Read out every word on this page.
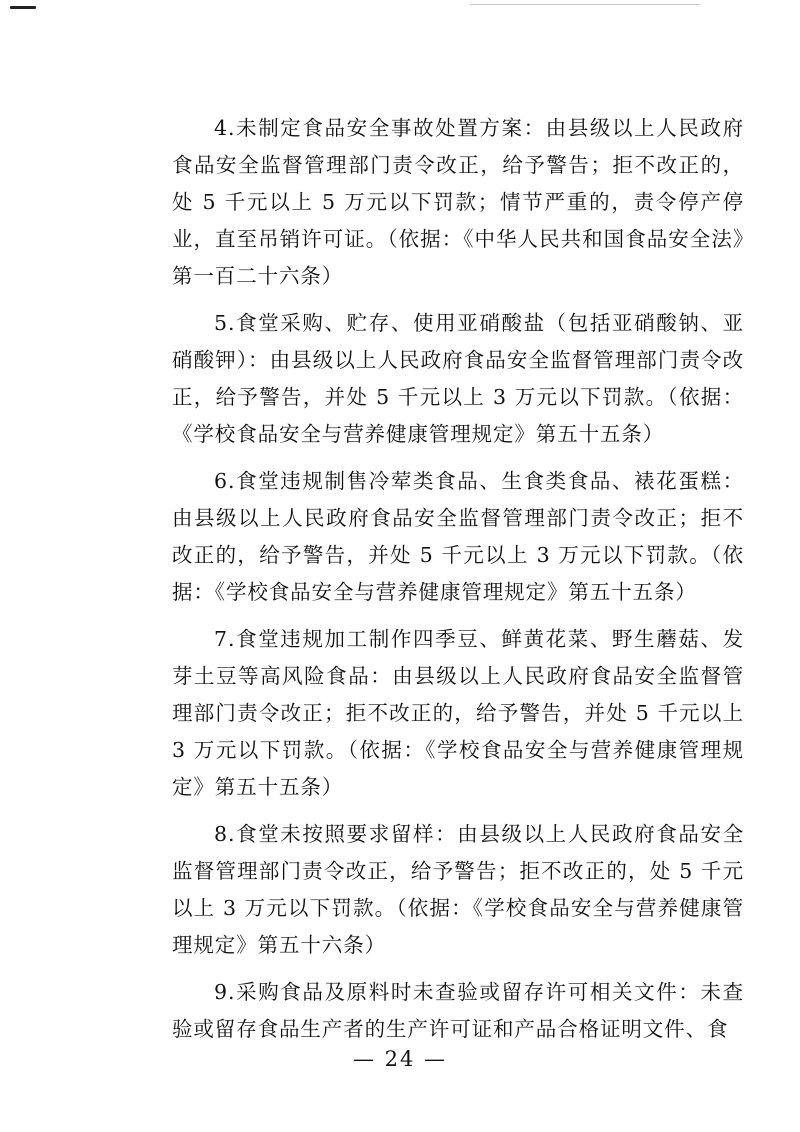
4.未制定食品安全事故处置方案：由县级以上人民政府食品安全监督管理部门责令改正，给予警告；拒不改正的，处 5 千元以上 5 万元以下罚款；情节严重的，责令停产停业，直至吊销许可证。（依据：《中华人民共和国食品安全法》第一百二十六条）

5.食堂采购、贮存、使用亚硝酸盐（包括亚硝酸钠、亚硝酸钾）：由县级以上人民政府食品安全监督管理部门责令改正，给予警告，并处 5 千元以上 3 万元以下罚款。（依据：《学校食品安全与营养健康管理规定》第五十五条）

6.食堂违规制售冷荤类食品、生食类食品、裱花蛋糕：由县级以上人民政府食品安全监督管理部门责令改正；拒不改正的，给予警告，并处 5 千元以上 3 万元以下罚款。（依据：《学校食品安全与营养健康管理规定》第五十五条）

7.食堂违规加工制作四季豆、鲜黄花菜、野生蘑菇、发芽土豆等高风险食品：由县级以上人民政府食品安全监督管理部门责令改正；拒不改正的，给予警告，并处 5 千元以上 3 万元以下罚款。（依据：《学校食品安全与营养健康管理规定》第五十五条）

8.食堂未按照要求留样：由县级以上人民政府食品安全监督管理部门责令改正，给予警告；拒不改正的，处 5 千元以上 3 万元以下罚款。（依据：《学校食品安全与营养健康管理规定》第五十六条）

9.采购食品及原料时未查验或留存许可相关文件：未查验或留存食品生产者的生产许可证和产品合格证明文件、食

— 24 —
